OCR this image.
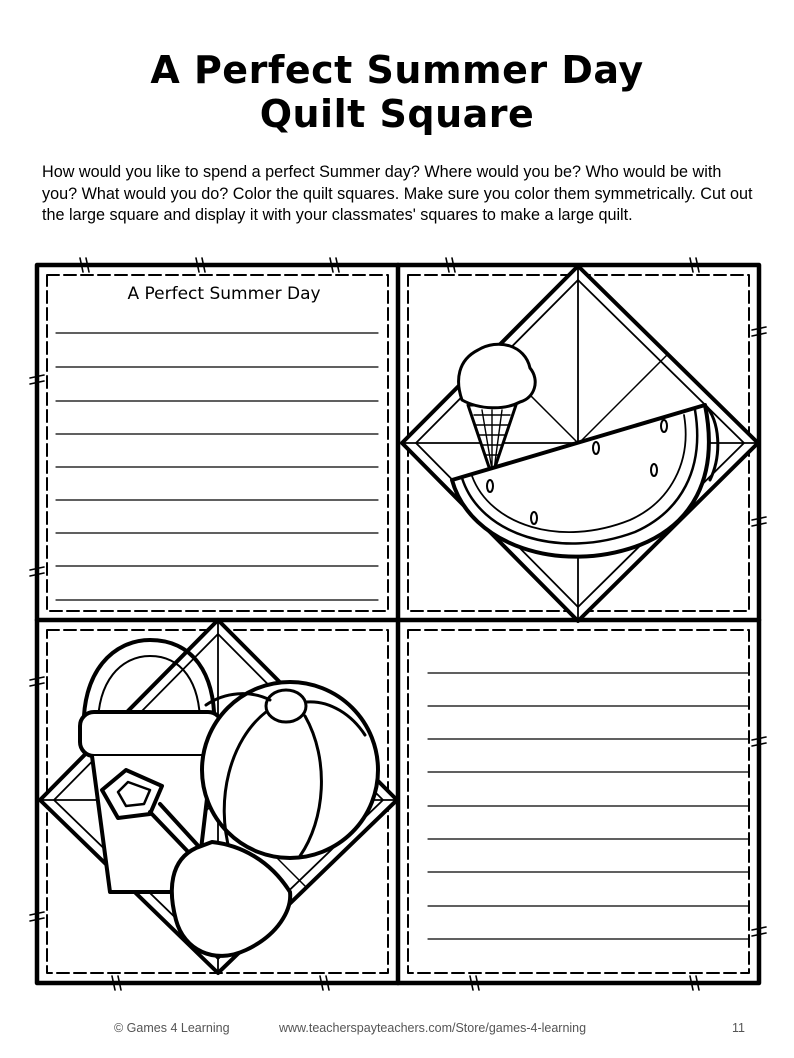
A Perfect Summer Day
Quilt Square
How would you like to spend a perfect Summer day? Where would you be? Who would be with you? What would you do? Color the quilt squares. Make sure you color them symmetrically. Cut out the large square and display it with your classmates' squares to make a large quilt.
A Perfect Summer Day
© Games 4 Learning	www.teacherspayteachers.com/Store/games-4-learning	11
